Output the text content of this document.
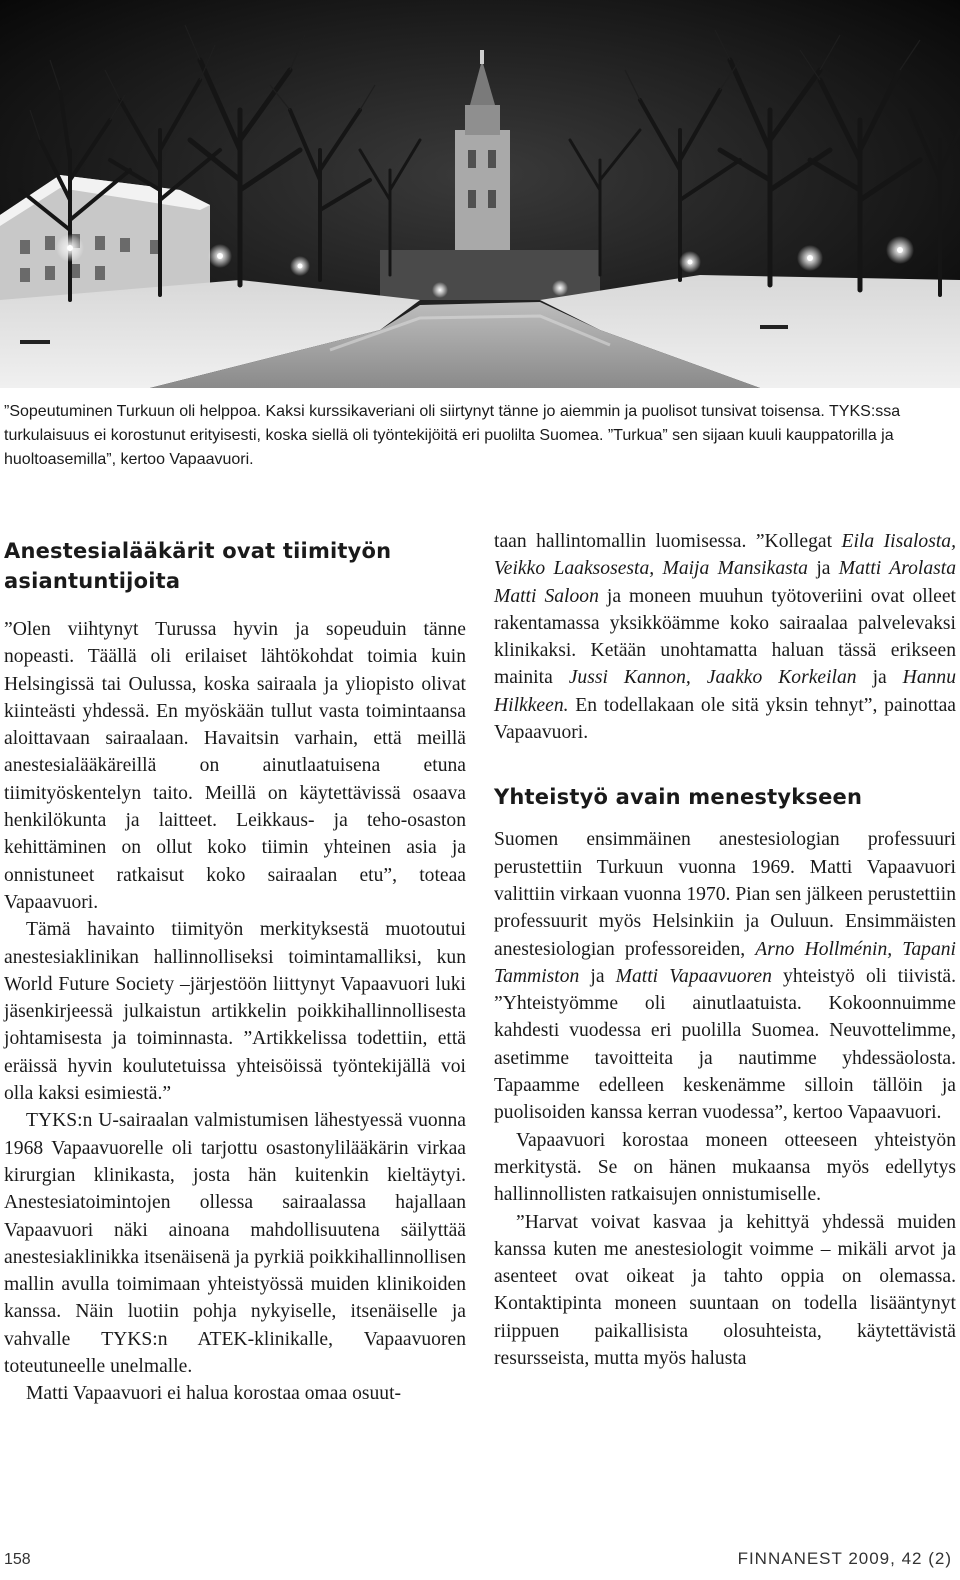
”Sopeutuminen Turkuun oli helppoa. Kaksi kurssikaveriani oli siirtynyt tänne jo aiemmin ja puolisot tunsivat toisensa. TYKS:ssa turkulaisuus ei korostunut erityisesti, koska siellä oli työntekijöitä eri puolilta Suomea. ”Turkua” sen sijaan kuuli kauppatorilla ja huoltoasemilla”, kertoo Vapaavuori.

Anestesialääkärit ovat tiimityön asiantuntijoita

”Olen viihtynyt Turussa hyvin ja sopeuduin tänne nopeasti. Täällä oli erilaiset lähtökohdat toimia kuin Helsingissä tai Oulussa, koska sairaala ja yliopisto olivat kiinteästi yhdessä. En myöskään tullut vasta toimintaansa aloittavaan sairaalaan. Havaitsin varhain, että meillä anestesialääkäreillä on ainutlaatuisena etuna tiimityöskentelyn taito. Meillä on käytettävissä osaava henkilökunta ja laitteet. Leikkaus- ja teho-osaston kehittäminen on ollut koko tiimin yhteinen asia ja onnistuneet ratkaisut koko sairaalan etu”, toteaa Vapaavuori.

Tämä havainto tiimityön merkityksestä muotoutui anestesiaklinikan hallinnolliseksi toimintamalliksi, kun World Future Society –järjestöön liittynyt Vapaavuori luki jäsenkirjeessä julkaistun artikkelin poikkihallinnollisesta johtamisesta ja toiminnasta. ”Artikkelissa todettiin, että eräissä hyvin koulutetuissa yhteisöissä työntekijällä voi olla kaksi esimiestä.”

TYKS:n U-sairaalan valmistumisen lähestyessä vuonna 1968 Vapaavuorelle oli tarjottu osastonylilääkärin virkaa kirurgian klinikasta, josta hän kuitenkin kieltäytyi. Anestesiatoimintojen ollessa sairaalassa hajallaan Vapaavuori näki ainoana mahdollisuutena säilyttää anestesiaklinikka itsenäisenä ja pyrkiä poikkihallinnollisen mallin avulla toimimaan yhteistyössä muiden klinikoiden kanssa. Näin luotiin pohja nykyiselle, itsenäiselle ja vahvalle TYKS:n ATEK-klinikalle, Vapaavuoren toteutuneelle unelmalle.

Matti Vapaavuori ei halua korostaa omaa osuut-

taan hallintomallin luomisessa. ”Kollegat Eila Iisalosta, Veikko Laaksosesta, Maija Mansikasta ja Matti Arolasta Matti Saloon ja moneen muuhun työtoveriini ovat olleet rakentamassa yksikköämme koko sairaalaa palvelevaksi klinikaksi. Ketään unohtamatta haluan tässä erikseen mainita Jussi Kannon, Jaakko Korkeilan ja Hannu Hilkkeen. En todellakaan ole sitä yksin tehnyt”, painottaa Vapaavuori.

Yhteistyö avain menestykseen

Suomen ensimmäinen anestesiologian professuuri perustettiin Turkuun vuonna 1969. Matti Vapaavuori valittiin virkaan vuonna 1970. Pian sen jälkeen perustettiin professuurit myös Helsinkiin ja Ouluun. Ensimmäisten anestesiologian professoreiden, Arno Hollménin, Tapani Tammiston ja Matti Vapaavuoren yhteistyö oli tiivistä. ”Yhteistyömme oli ainutlaatuista. Kokoonnuimme kahdesti vuodessa eri puolilla Suomea. Neuvottelimme, asetimme tavoitteita ja nautimme yhdessäolosta. Tapaamme edelleen keskenämme silloin tällöin ja puolisoiden kanssa kerran vuodessa”, kertoo Vapaavuori.

Vapaavuori korostaa moneen otteeseen yhteistyön merkitystä. Se on hänen mukaansa myös edellytys hallinnollisten ratkaisujen onnistumiselle.

”Harvat voivat kasvaa ja kehittyä yhdessä muiden kanssa kuten me anestesiologit voimme – mikäli arvot ja asenteet ovat oikeat ja tahto oppia on olemassa. Kontaktipinta moneen suuntaan on todella lisääntynyt riippuen paikallisista olosuhteista, käytettävistä resursseista, mutta myös halusta

158	FINNANEST 2009, 42 (2)
